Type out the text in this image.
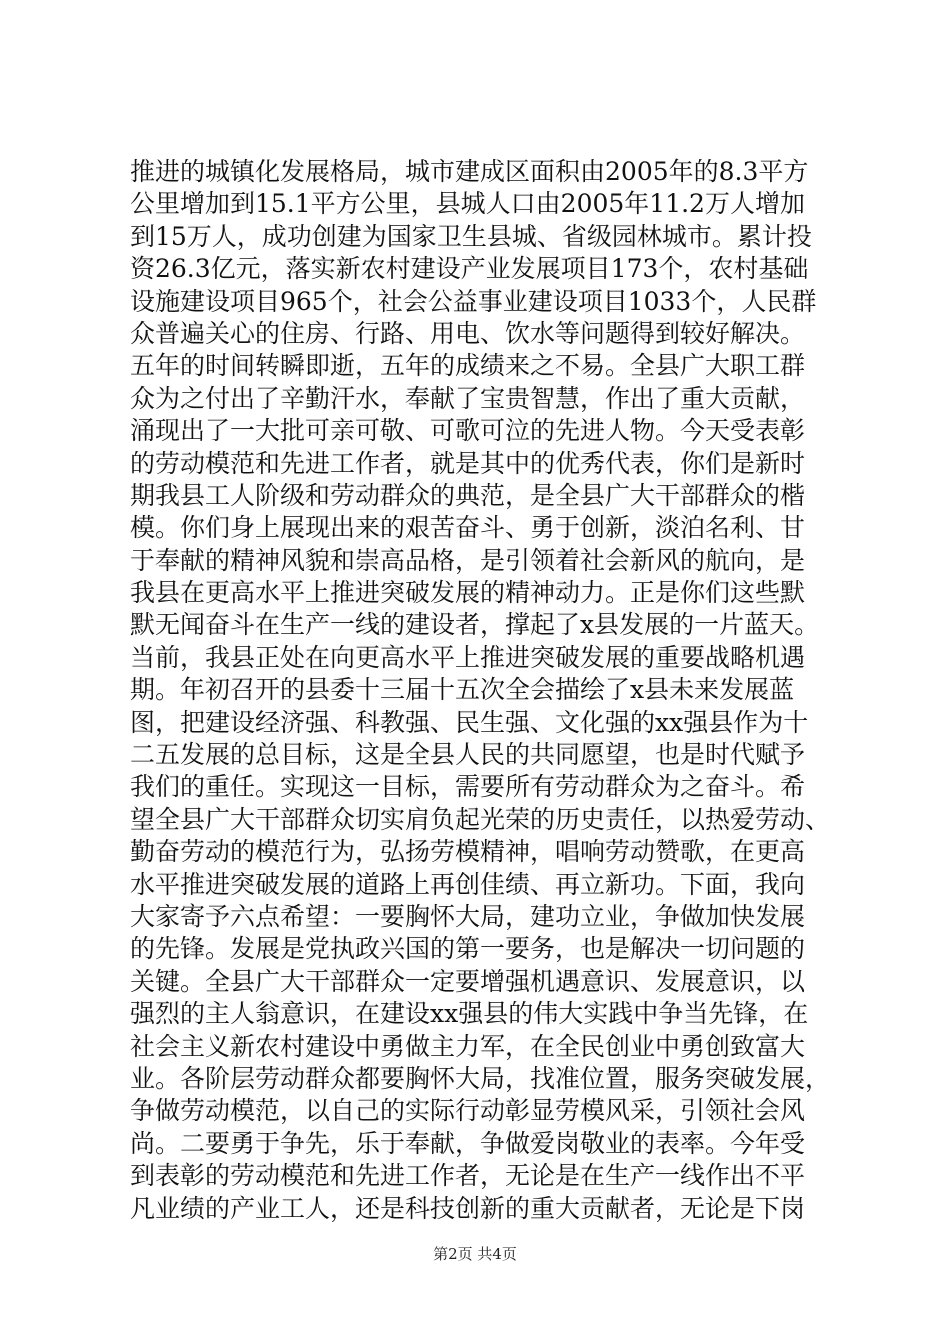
推进的城镇化发展格局，城市建成区面积由2005年的8.3平方
公里增加到15.1平方公里，县城人口由2005年11.2万人增加
到15万人，成功创建为国家卫生县城、省级园林城市。累计投
资26.3亿元，落实新农村建设产业发展项目173个，农村基础
设施建设项目965个，社会公益事业建设项目1033个，人民群
众普遍关心的住房、行路、用电、饮水等问题得到较好解决。
五年的时间转瞬即逝，五年的成绩来之不易。全县广大职工群
众为之付出了辛勤汗水，奉献了宝贵智慧，作出了重大贡献，
涌现出了一大批可亲可敬、可歌可泣的先进人物。今天受表彰
的劳动模范和先进工作者，就是其中的优秀代表，你们是新时
期我县工人阶级和劳动群众的典范，是全县广大干部群众的楷
模。你们身上展现出来的艰苦奋斗、勇于创新，淡泊名利、甘
于奉献的精神风貌和崇高品格，是引领着社会新风的航向，是
我县在更高水平上推进突破发展的精神动力。正是你们这些默
默无闻奋斗在生产一线的建设者，撑起了x县发展的一片蓝天。
当前，我县正处在向更高水平上推进突破发展的重要战略机遇
期。年初召开的县委十三届十五次全会描绘了x县未来发展蓝
图，把建设经济强、科教强、民生强、文化强的xx强县作为十
二五发展的总目标，这是全县人民的共同愿望，也是时代赋予
我们的重任。实现这一目标，需要所有劳动群众为之奋斗。希
望全县广大干部群众切实肩负起光荣的历史责任，以热爱劳动、
勤奋劳动的模范行为，弘扬劳模精神，唱响劳动赞歌，在更高
水平推进突破发展的道路上再创佳绩、再立新功。下面，我向
大家寄予六点希望：一要胸怀大局，建功立业，争做加快发展
的先锋。发展是党执政兴国的第一要务，也是解决一切问题的
关键。全县广大干部群众一定要增强机遇意识、发展意识，以
强烈的主人翁意识，在建设xx强县的伟大实践中争当先锋，在
社会主义新农村建设中勇做主力军，在全民创业中勇创致富大
业。各阶层劳动群众都要胸怀大局，找准位置，服务突破发展，
争做劳动模范，以自己的实际行动彰显劳模风采，引领社会风
尚。二要勇于争先，乐于奉献，争做爱岗敬业的表率。今年受
到表彰的劳动模范和先进工作者，无论是在生产一线作出不平
凡业绩的产业工人，还是科技创新的重大贡献者，无论是下岗
第2页 共4页
